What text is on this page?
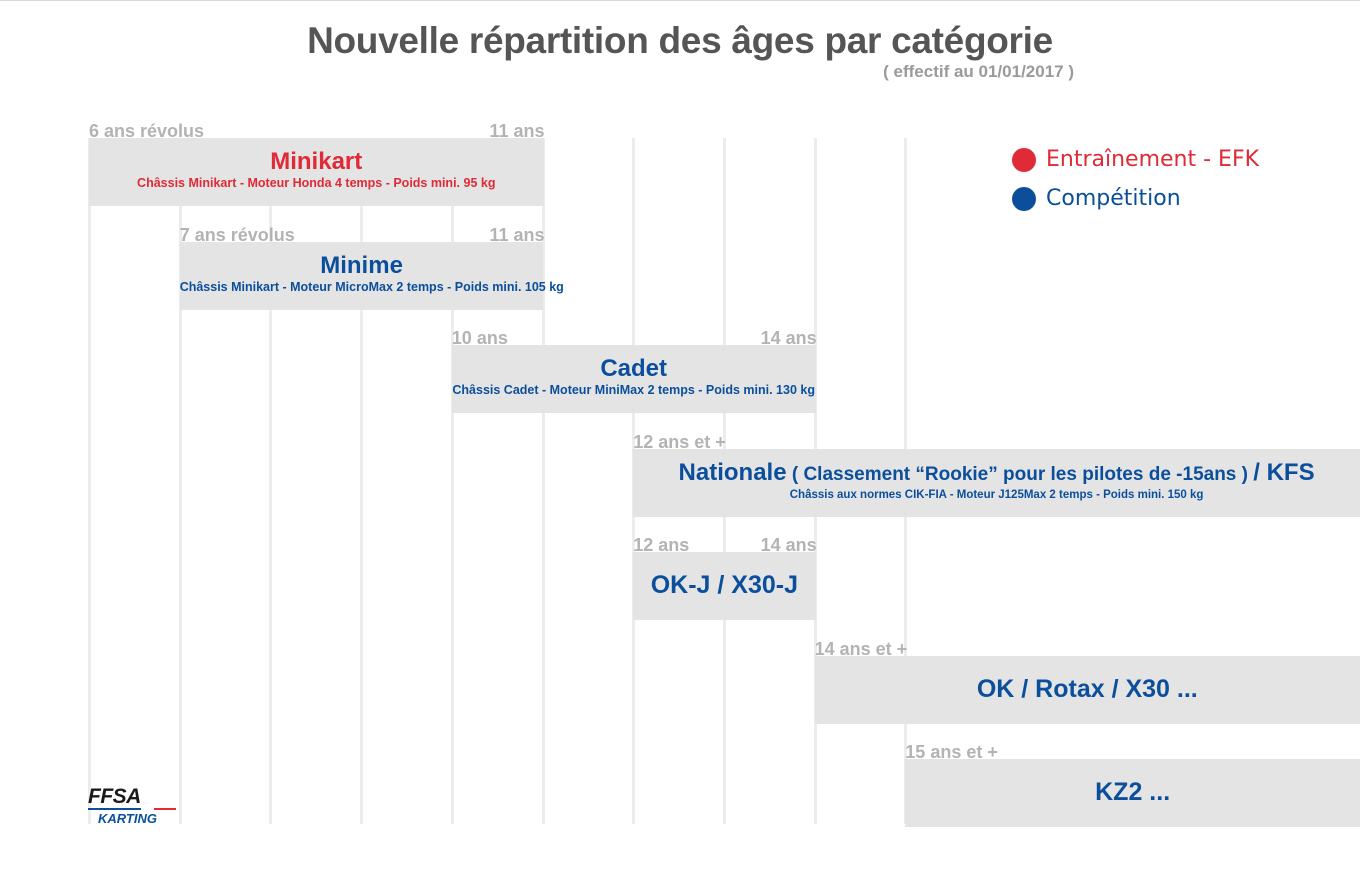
Nouvelle répartition des âges par catégorie
( effectif au 01/01/2017 )
Minikart
Châssis Minikart - Moteur Honda 4 temps - Poids mini. 95 kg
6 ans révolus	11 ans
Minime
Châssis Minikart - Moteur MicroMax 2 temps - Poids mini. 105 kg
7 ans révolus	11 ans
Cadet
Châssis Cadet - Moteur MiniMax 2 temps - Poids mini. 130 kg
10 ans	14 ans
Nationale ( Classement “Rookie” pour les pilotes de -15ans ) / KFS
Châssis aux normes CIK-FIA - Moteur J125Max 2 temps - Poids mini. 150 kg
12 ans et +
OK-J / X30-J
12 ans	14 ans
OK / Rotax / X30 ...
14 ans et +
KZ2 ...
15 ans et +
Entraînement - EFK
Compétition
FFSA
KARTING
